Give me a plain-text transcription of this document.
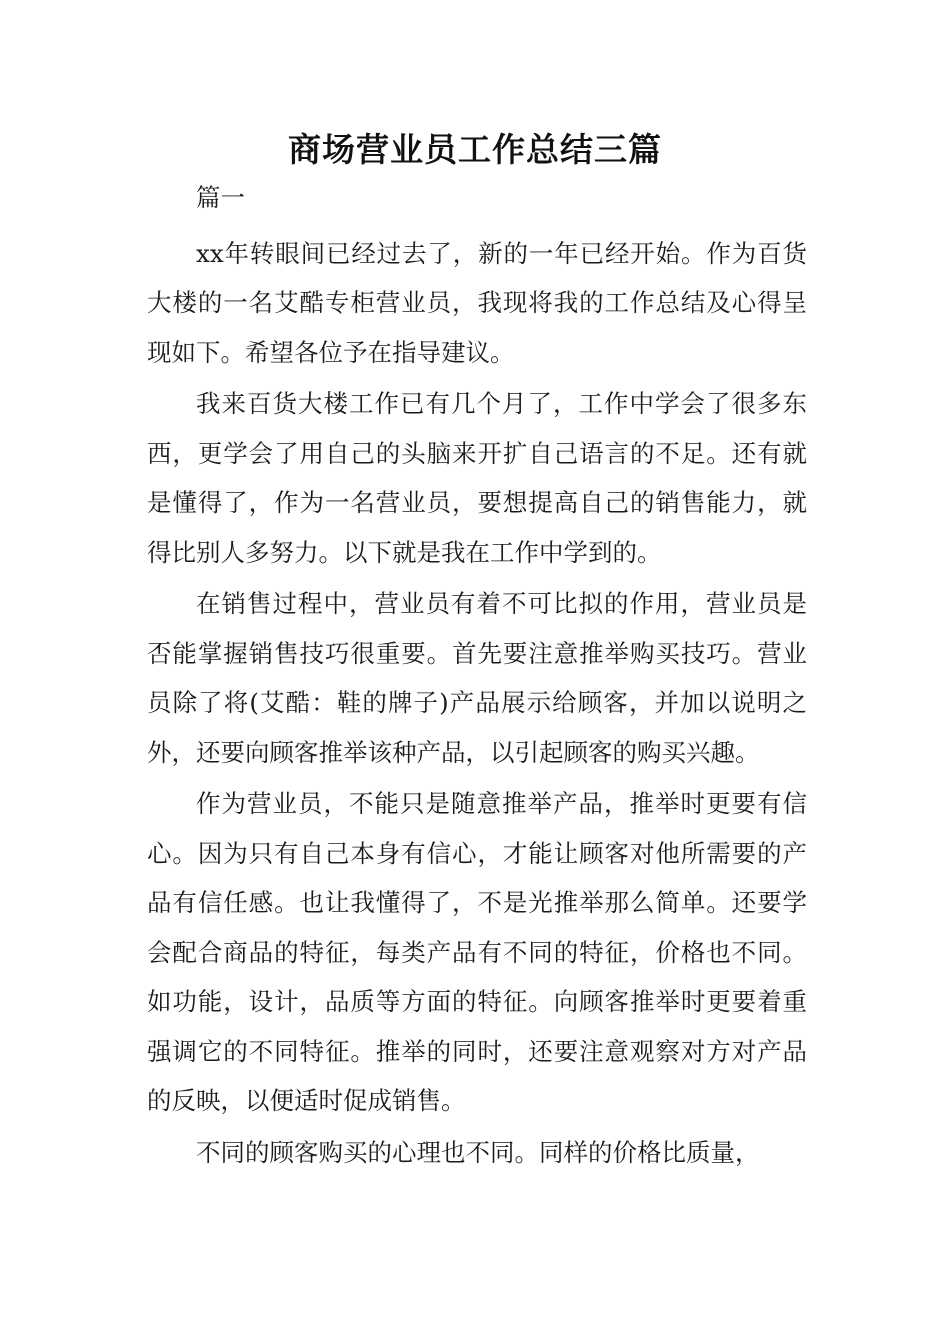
商场营业员工作总结三篇

篇一

xx年转眼间已经过去了，新的一年已经开始。作为百货大楼的一名艾酷专柜营业员，我现将我的工作总结及心得呈现如下。希望各位予在指导建议。

我来百货大楼工作已有几个月了，工作中学会了很多东西，更学会了用自己的头脑来开扩自己语言的不足。还有就是懂得了，作为一名营业员，要想提高自己的销售能力，就得比别人多努力。以下就是我在工作中学到的。

在销售过程中，营业员有着不可比拟的作用，营业员是否能掌握销售技巧很重要。首先要注意推举购买技巧。营业员除了将(艾酷：鞋的牌子)产品展示给顾客，并加以说明之外，还要向顾客推举该种产品，以引起顾客的购买兴趣。

作为营业员，不能只是随意推举产品，推举时更要有信心。因为只有自己本身有信心，才能让顾客对他所需要的产品有信任感。也让我懂得了，不是光推举那么简单。还要学会配合商品的特征，每类产品有不同的特征，价格也不同。如功能，设计，品质等方面的特征。向顾客推举时更要着重强调它的不同特征。推举的同时，还要注意观察对方对产品的反映，以便适时促成销售。

不同的顾客购买的心理也不同。同样的价格比质量，
